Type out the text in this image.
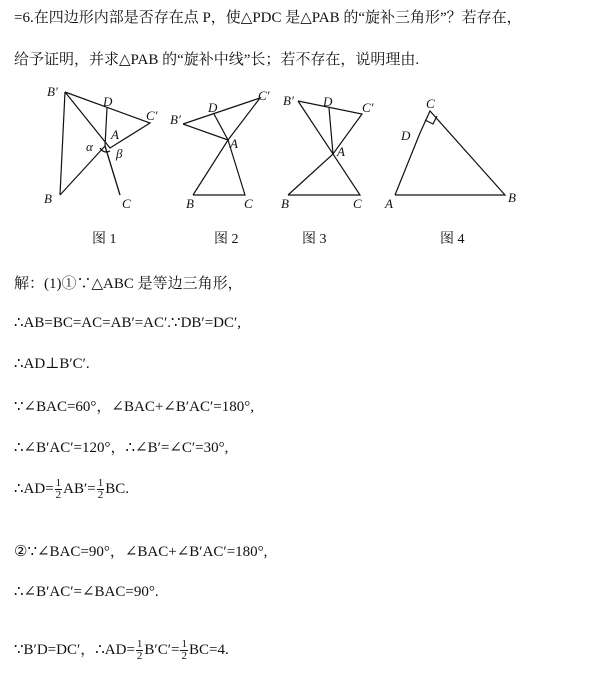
=6.在四边形内部是否存在点 P，使△PDC 是△PAB 的“旋补三角形”？若存在，
给予证明，并求△PAB 的“旋补中线”长；若不存在，说明理由.
B′
D
C′
A
α β
B	C
B′
D
C′
A
B	C
B′ D C′
A
B	C
C
D
A	B
图 1	图 2	图 3	图 4
解：(1)①∵△ABC 是等边三角形，
∴AB=BC=AC=AB′=AC′.∵DB′=DC′,
∴AD⊥B′C′.
∵∠BAC=60°，∠BAC+∠B′AC′=180°,
∴∠B′AC′=120°，∴∠B′=∠C′=30°,
∴AD= $\frac{1}{2} AB'= \frac{1}{2}$ BC.
②∵∠BAC=90°，∠BAC+∠B′AC′=180°,
∴∠B′AC′=∠BAC=90°.
∵B′D=DC′，∴AD= $\frac{1}{2} B'C'= \frac{1}{2} BC=4$.
